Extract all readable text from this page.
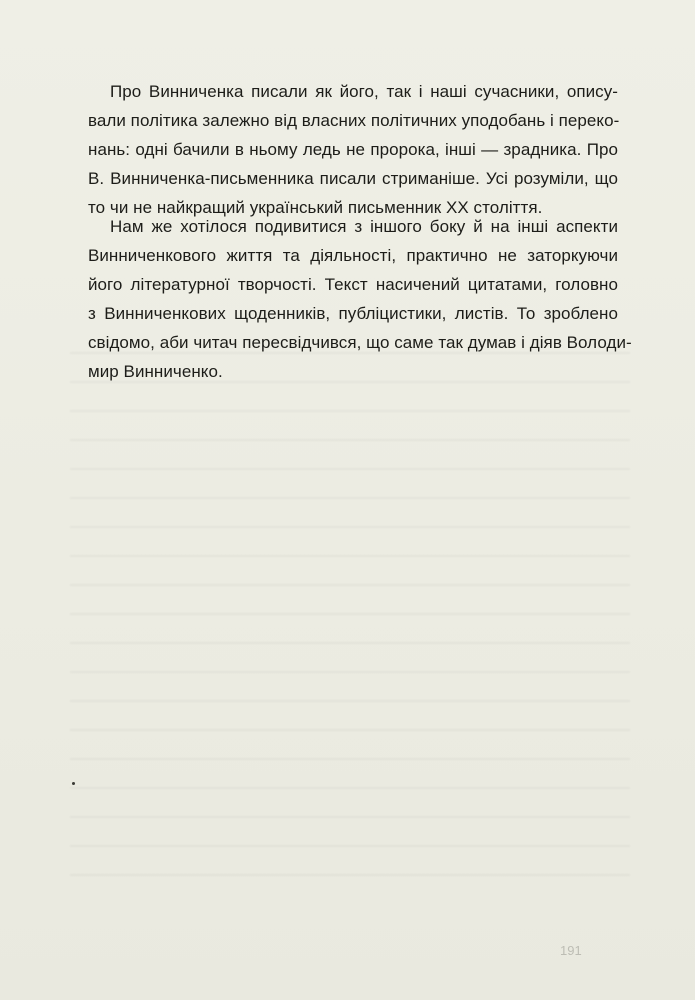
Про Винниченка писали як його, так і наші сучасники, опису-
вали політика залежно від власних політичних уподобань і переко-
нань: одні бачили в ньому ледь не пророка, інші — зрадника. Про
В. Винниченка-письменника писали стриманіше. Усі розуміли, що
то чи не найкращий український письменник ХХ століття.
Нам же хотілося подивитися з іншого боку й на інші аспекти
Винниченкового життя та діяльності, практично не заторкуючи
його літературної творчості. Текст насичений цитатами, головно
з Винниченкових щоденників, публіцистики, листів. То зроблено
свідомо, аби читач пересвідчився, що саме так думав і діяв Володи-
мир Винниченко.
191
